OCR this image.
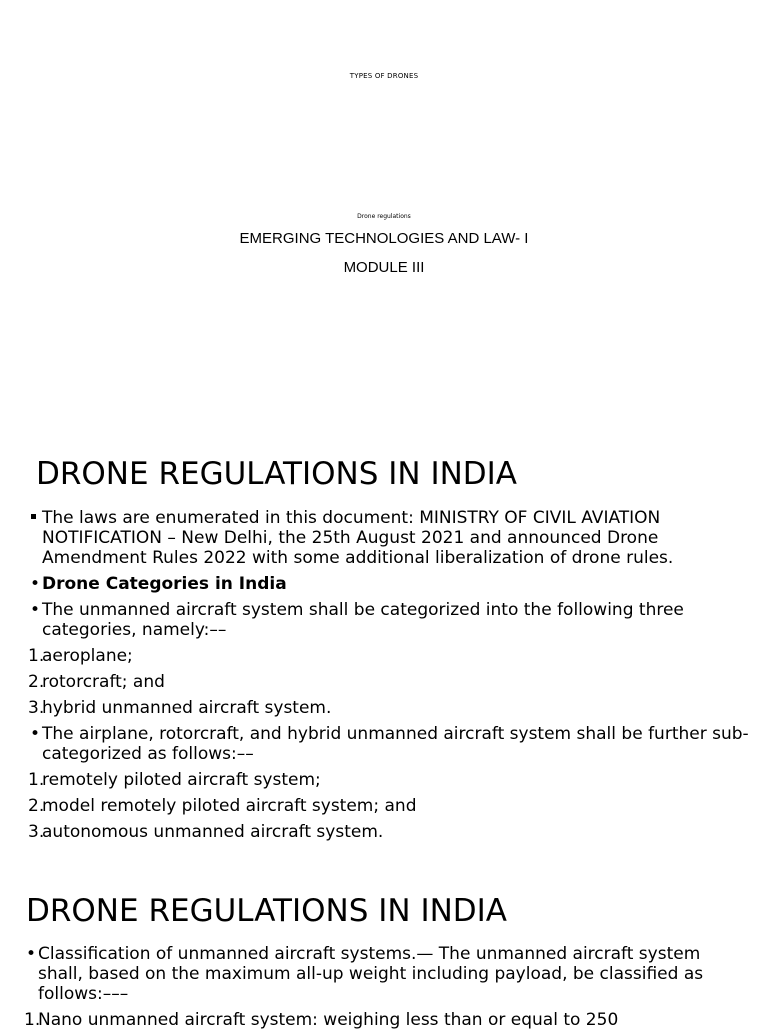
TYPES OF DRONES
Drone regulations
EMERGING TECHNOLOGIES AND LAW- I
MODULE III
DRONE REGULATIONS IN INDIA
The laws are enumerated in this document: MINISTRY OF CIVIL AVIATION NOTIFICATION – New Delhi, the 25th August 2021 and announced Drone Amendment Rules 2022 with some additional liberalization of drone rules.
• Drone Categories in India
• The unmanned aircraft system shall be categorized into the following three categories, namely:––
1.
aeroplane;
2.
rotorcraft; and
3.
hybrid unmanned aircraft system.
• The airplane, rotorcraft, and hybrid unmanned aircraft system shall be further sub-categorized as follows:––
1.
remotely piloted aircraft system;
2.
model remotely piloted aircraft system; and
3.
autonomous unmanned aircraft system.
DRONE REGULATIONS IN INDIA
• Classification of unmanned aircraft systems.— The unmanned aircraft system shall, based on the maximum all-up weight including payload, be classified as follows:–––
1.
Nano unmanned aircraft system: weighing less than or equal to 250
